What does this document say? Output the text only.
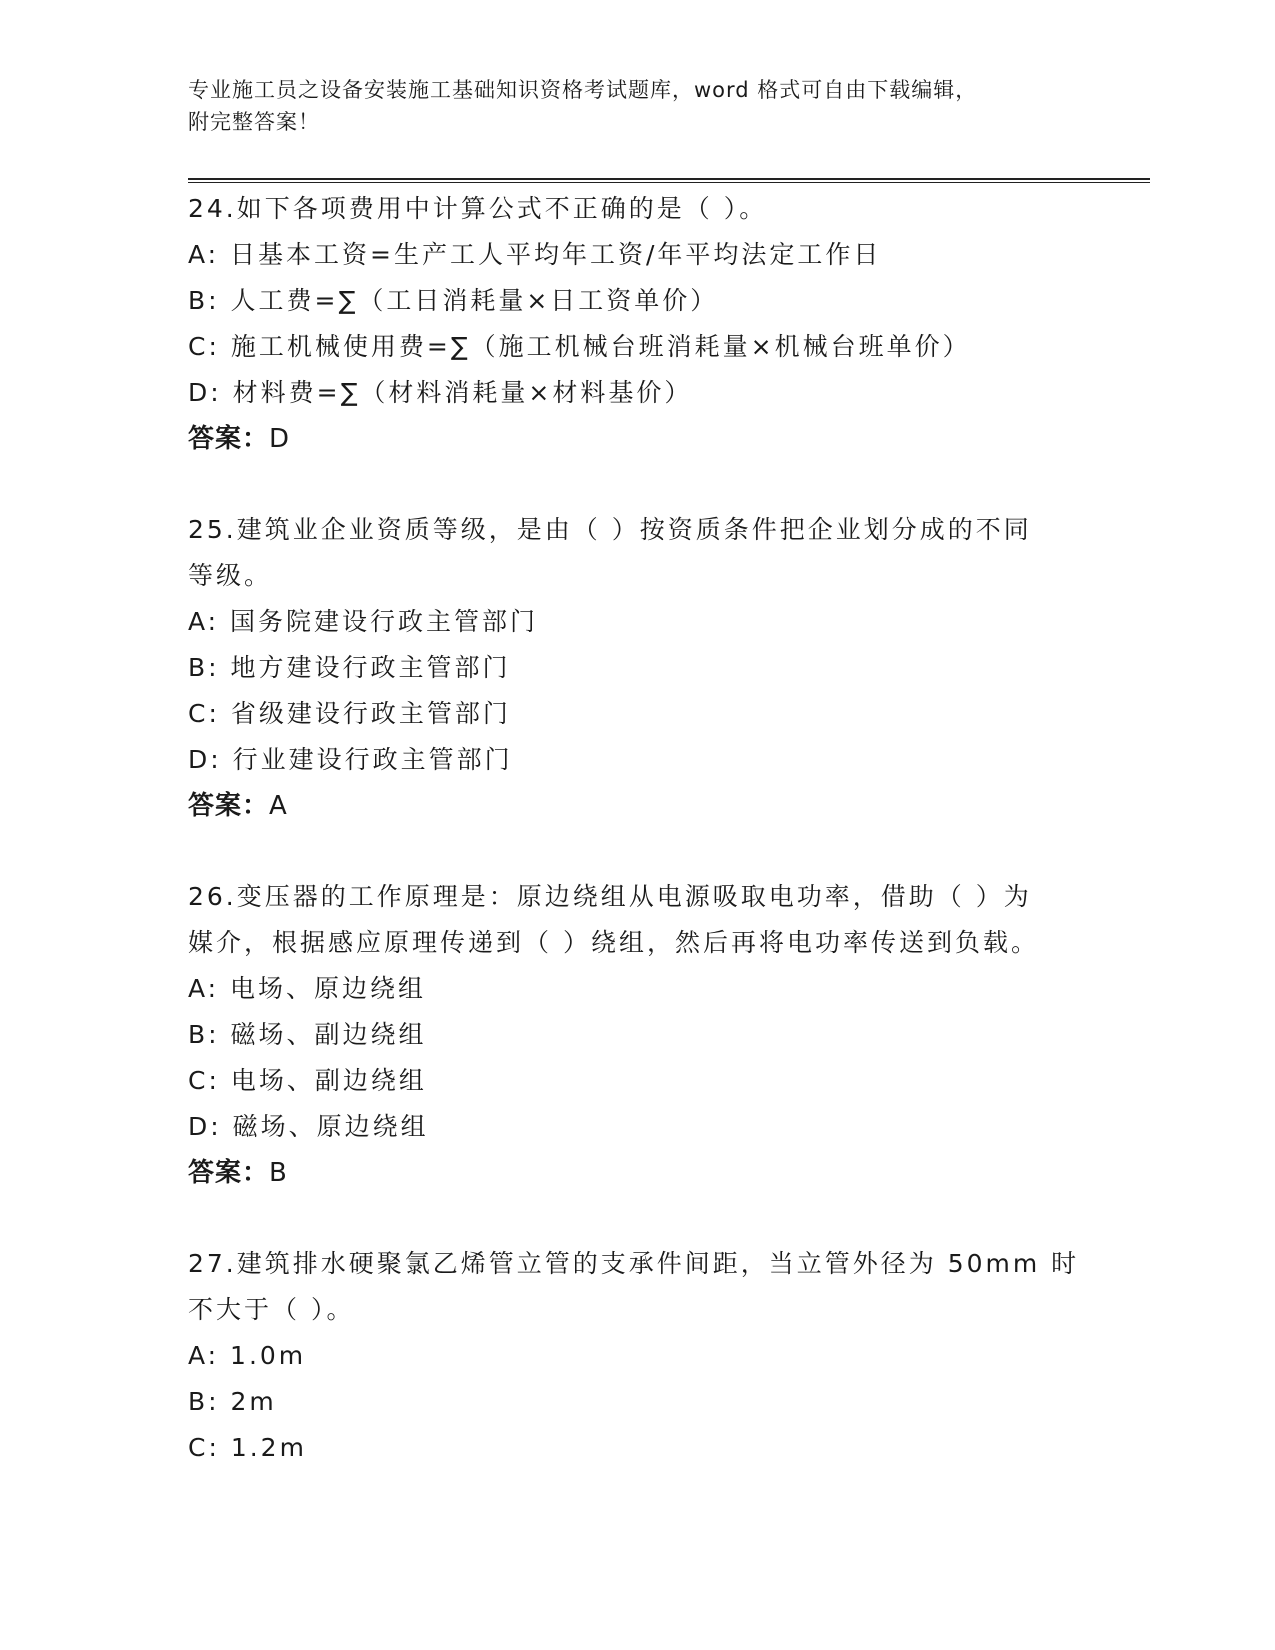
专业施工员之设备安装施工基础知识资格考试题库，word 格式可自由下载编辑，
附完整答案！

24.如下各项费用中计算公式不正确的是（ ）。

A: 日基本工资=生产工人平均年工资/年平均法定工作日

B: 人工费=∑（工日消耗量×日工资单价）

C: 施工机械使用费=∑（施工机械台班消耗量×机械台班单价）

D: 材料费=∑（材料消耗量×材料基价）

答案：D

25.建筑业企业资质等级，是由（ ）按资质条件把企业划分成的不同

等级。

A: 国务院建设行政主管部门

B: 地方建设行政主管部门

C: 省级建设行政主管部门

D: 行业建设行政主管部门

答案：A

26.变压器的工作原理是：原边绕组从电源吸取电功率，借助（ ）为

媒介，根据感应原理传递到（ ）绕组，然后再将电功率传送到负载。

A: 电场、原边绕组

B: 磁场、副边绕组

C: 电场、副边绕组

D: 磁场、原边绕组

答案：B

27.建筑排水硬聚氯乙烯管立管的支承件间距，当立管外径为 50mm 时

不大于（ ）。

A: 1.0m

B: 2m

C: 1.2m
